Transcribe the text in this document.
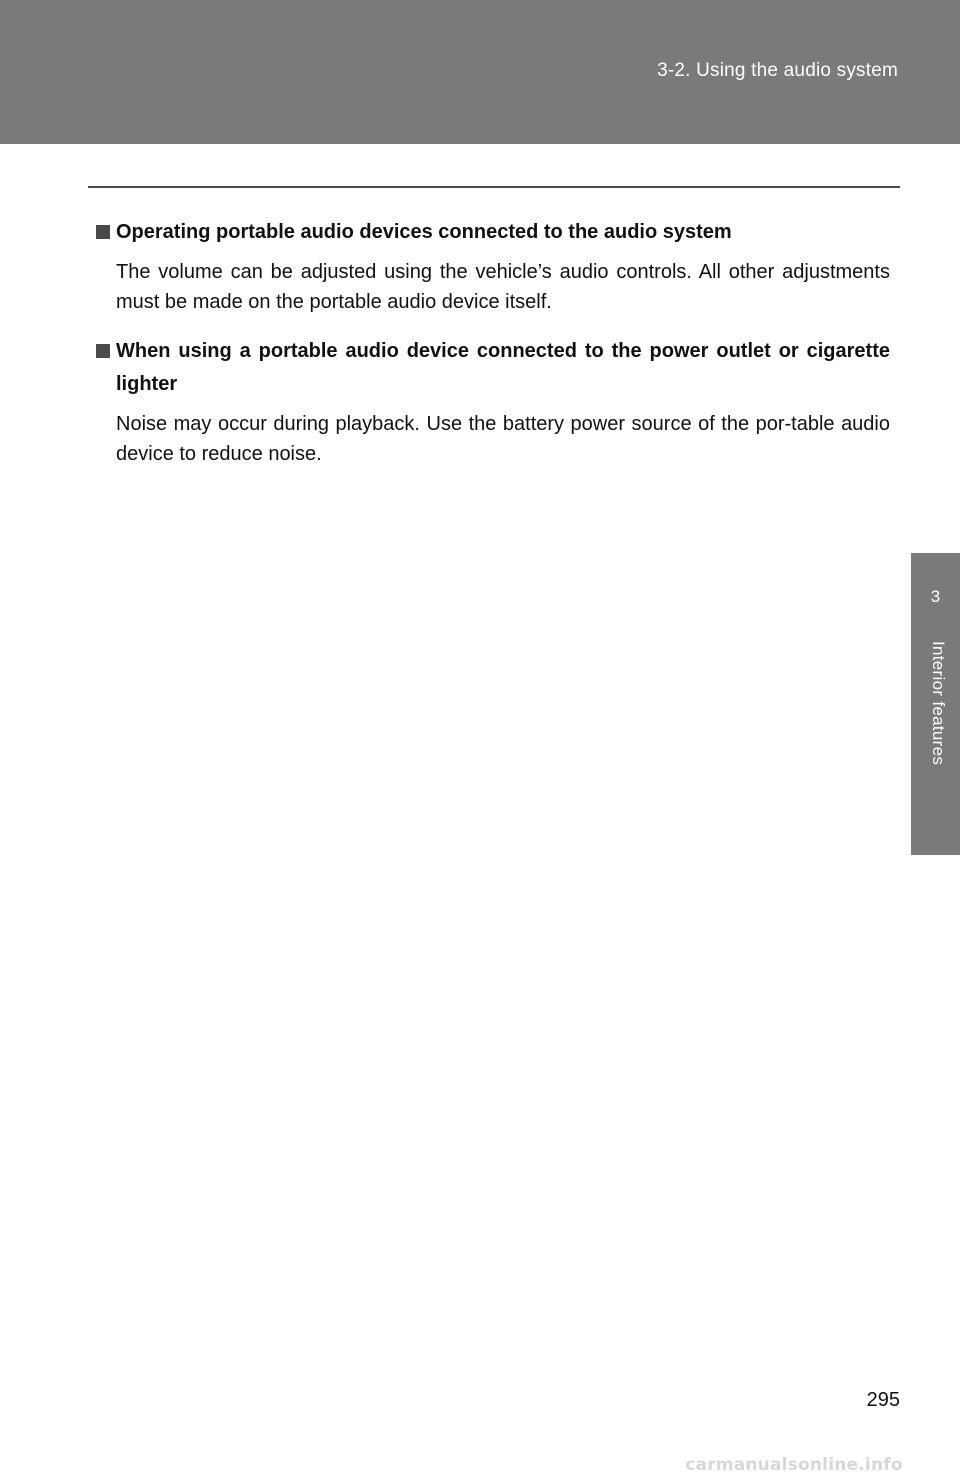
3-2. Using the audio system
3
Interior features
Operating portable audio devices connected to the audio system
The volume can be adjusted using the vehicle’s audio controls. All other adjustments must be made on the portable audio device itself.
When using a portable audio device connected to the power outlet or cigarette lighter
Noise may occur during playback. Use the battery power source of the por-table audio device to reduce noise.
295
carmanualsonline.info
